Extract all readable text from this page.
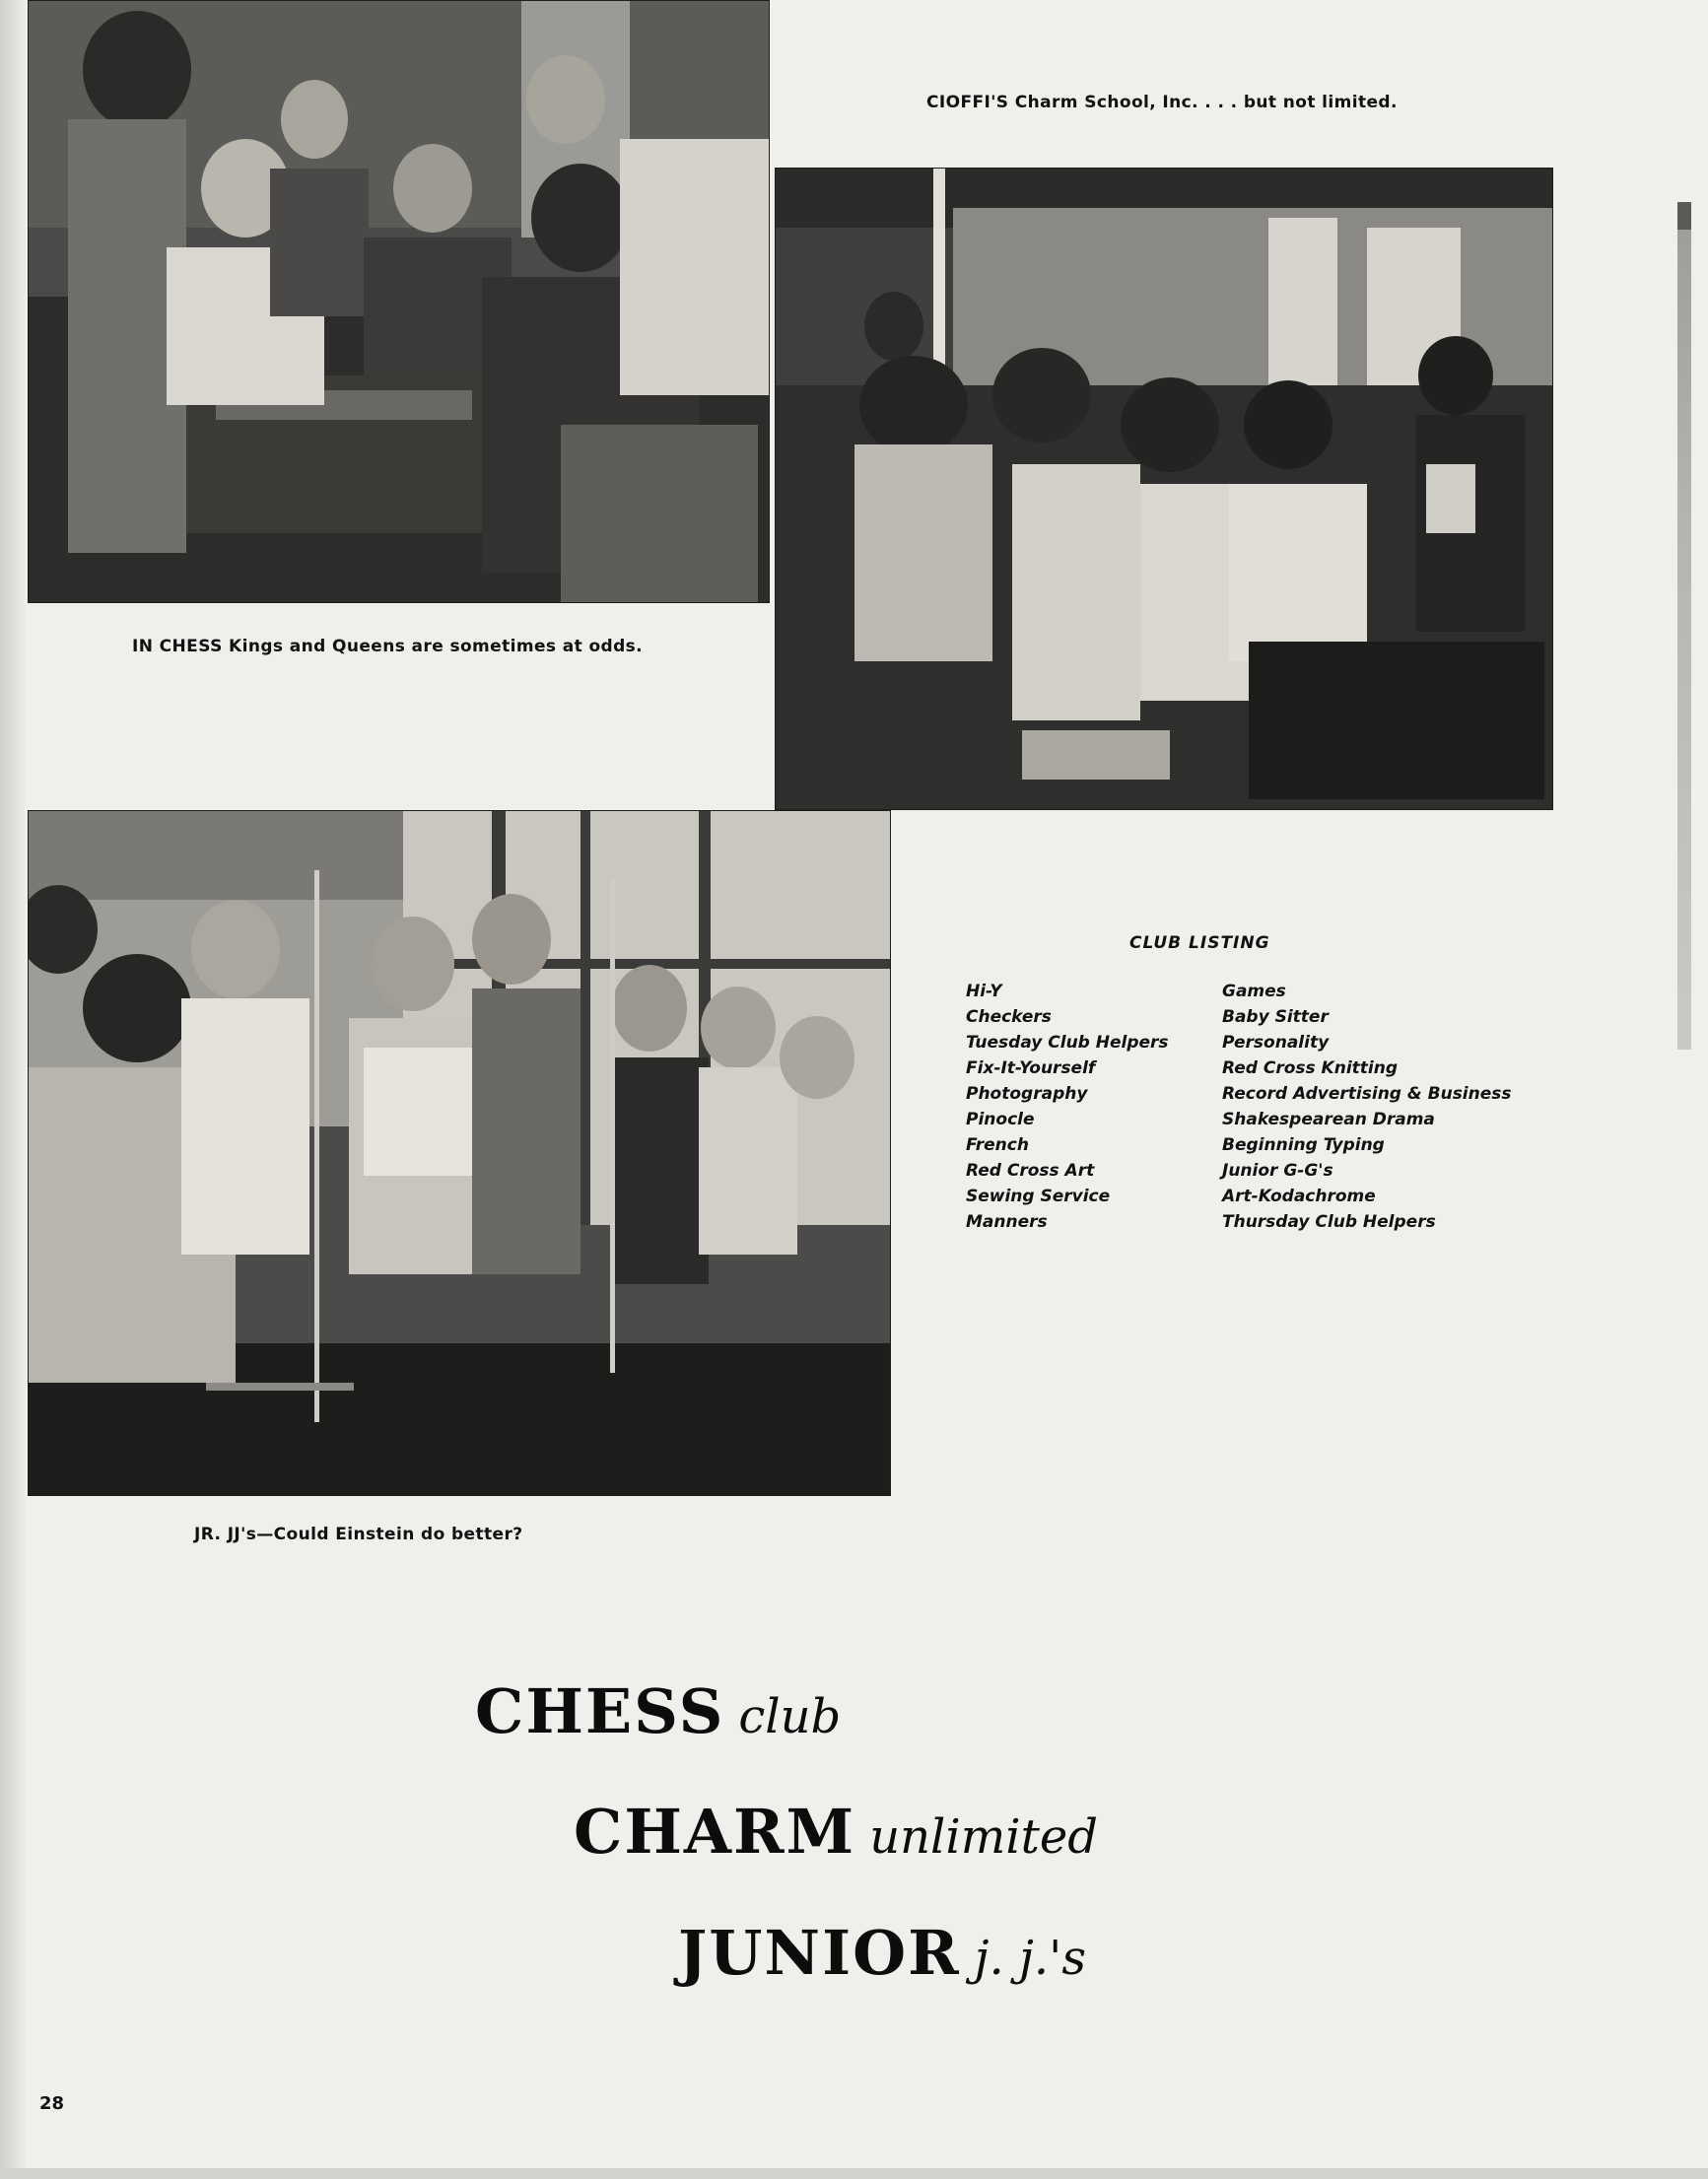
IN CHESS Kings and Queens are sometimes at odds.
CIOFFI'S Charm School, Inc. . . . but not limited.
JR. JJ's—Could Einstein do better?
CLUB LISTING
Hi-Y
Checkers
Tuesday Club Helpers
Fix-It-Yourself
Photography
Pinocle
French
Red Cross Art
Sewing Service
Manners
Games
Baby Sitter
Personality
Red Cross Knitting
Record Advertising & Business
Shakespearean Drama
Beginning Typing
Junior G-G's
Art-Kodachrome
Thursday Club Helpers
CHESS club
CHARM unlimited
JUNIOR j. j.'s
28
